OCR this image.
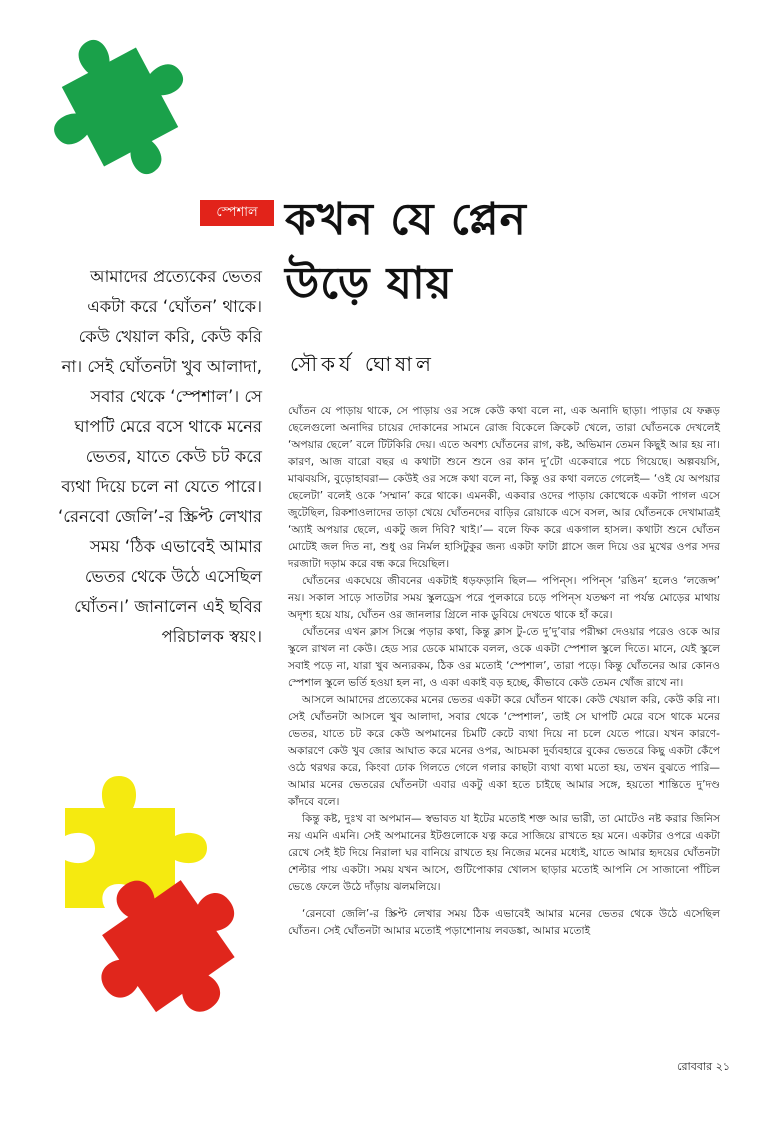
স্পেশাল কখন যে প্লেন
উড়ে যায়
সৌকর্য ঘোষাল
আমাদের প্রত্যেকের ভেতর একটা করে ‘ঘোঁতন’ থাকে। কেউ খেয়াল করি, কেউ করি না। সেই ঘোঁতনটা খুব আলাদা, সবার থেকে ‘স্পেশাল’। সে ঘাপটি মেরে বসে থাকে মনের ভেতর, যাতে কেউ চট করে ব্যথা দিয়ে চলে না যেতে পারে। ‘রেনবো জেলি’-র স্ক্রিপ্ট লেখার সময় ‘ঠিক এভাবেই আমার ভেতর থেকে উঠে এসেছিল ঘোঁতন।’ জানালেন এই ছবির পরিচালক স্বয়ং।

ঘোঁতন যে পাড়ায় থাকে, সে পাড়ায় ওর সঙ্গে কেউ কথা বলে না, এক অনাদি ছাড়া। পাড়ার যে ফক্কড় ছেলেগুলো অনাদির চায়ের দোকানের সামনে রোজ বিকেলে ক্রিকেট খেলে, তারা ঘোঁতনকে দেখলেই ‘অপয়ার ছেলে’ বলে টিটকিরি দেয়। এতে অবশ্য ঘোঁতনের রাগ, কষ্ট, অভিমান তেমন কিছুই আর হয় না। কারণ, আজ বারো বছর এ কথাটা শুনে শুনে ওর কান দু’টো একেবারে পচে গিয়েছে। অল্পবয়সি, মাঝবয়সি, বুড়োহাবরা— কেউই ওর সঙ্গে কথা বলে না, কিন্তু ওর কথা বলতে গেলেই— ‘ওই যে অপয়ার ছেলেটা’ বলেই ওকে ‘সম্মান’ করে থাকে। এমনকী, একবার ওদের পাড়ায় কোত্থেকে একটা পাগল এসে জুটেছিল, রিকশাওলাদের তাড়া খেয়ে ঘোঁতনদের বাড়ির রোয়াকে এসে বসল, আর ঘোঁতনকে দেখামাত্রই ‘অ্যাই অপয়ার ছেলে, একটু জল দিবি? খাই।’— বলে ফিক করে একগাল হাসল। কথাটা শুনে ঘোঁতন মোটেই জল দিত না, শুধু ওর নির্মল হাসিটুকুর জন্য একটা ফাটা গ্লাসে জল দিয়ে ওর মুখের ওপর সদর দরজাটা দড়াম করে বন্ধ করে দিয়েছিল।

ঘোঁতনের একঘেয়ে জীবনের একটাই ধড়ফড়ানি ছিল— পপিন্‌স। পপিন্‌স ‘রঙিন’ হলেও ‘লজেন্স’ নয়। সকাল সাড়ে সাতটার সময় স্কুলড্রেস পরে পুলকারে চড়ে পপিন্‌স যতক্ষণ না পর্যন্ত মোড়ের মাথায় অদৃশ্য হয়ে যায়, ঘোঁতন ওর জানলার গ্রিলে নাক ডুবিয়ে দেখতে থাকে হাঁ করে।

ঘোঁতনের এখন ক্লাস সিক্সে পড়ার কথা, কিন্তু ক্লাস টু-তে দু’দু’বার পরীক্ষা দেওয়ার পরেও ওকে আর স্কুলে রাখল না কেউ। হেড স্যর ডেকে মামাকে বলল, ওকে একটা স্পেশাল স্কুলে দিতে। মানে, যেই স্কুলে সবাই পড়ে না, যারা খুব অন্যরকম, ঠিক ওর মতোই ‘স্পেশাল’, তারা পড়ে। কিন্তু ঘোঁতনের আর কোনও স্পেশাল স্কুলে ভর্তি হওয়া হল না, ও একা একাই বড় হচ্ছে, কীভাবে কেউ তেমন খোঁজ রাখে না।

আসলে আমাদের প্রত্যেকের মনের ভেতর একটা করে ঘোঁতন থাকে। কেউ খেয়াল করি, কেউ করি না। সেই ঘোঁতনটা আসলে খুব আলাদা, সবার থেকে ‘স্পেশাল’, তাই সে ঘাপটি মেরে বসে থাকে মনের ভেতর, যাতে চট করে কেউ অপমানের চিমটি কেটে ব্যথা দিয়ে না চলে যেতে পারে। যখন কারণে-অকারণে কেউ খুব জোর আঘাত করে মনের ওপর, আচমকা দুর্ব্যবহারে বুকের ভেতরে কিছু একটা কেঁপে ওঠে থরথর করে, কিংবা ঢোক গিলতে গেলে গলার কাছটা ব্যথা ব্যথা মতো হয়, তখন বুঝতে পারি— আমার মনের ভেতরের ঘোঁতনটা এবার একটু একা হতে চাইছে আমার সঙ্গে, হয়তো শান্তিতে দু’দণ্ড কাঁদবে বলে।

কিন্তু কষ্ট, দুঃখ বা অপমান— স্বভাবত যা ইটের মতোই শক্ত আর ভারী, তা মোটেও নষ্ট করার জিনিস নয় এমনি এমনি। সেই অপমানের ইটগুলোকে যত্ন করে সাজিয়ে রাখতে হয় মনে। একটার ওপরে একটা রেখে সেই ইট দিয়ে নিরালা ঘর বানিয়ে রাখতে হয় নিজের মনের মধ্যেই, যাতে আমার হৃদয়ের ঘোঁতনটা শেল্টার পায় একটা। সময় যখন আসে, গুটিপোকার খোলস ছাড়ার মতোই আপনি সে সাজানো পাঁচিল ভেঙে ফেলে উঠে দাঁড়ায় ঝলমলিয়ে।

‘রেনবো জেলি’-র স্ক্রিপ্ট লেখার সময় ঠিক এভাবেই আমার মনের ভেতর থেকে উঠে এসেছিল ঘোঁতন। সেই ঘোঁতনটা আমার মতোই পড়াশোনায় লবডঙ্কা, আমার মতোই

রোববার ২১
